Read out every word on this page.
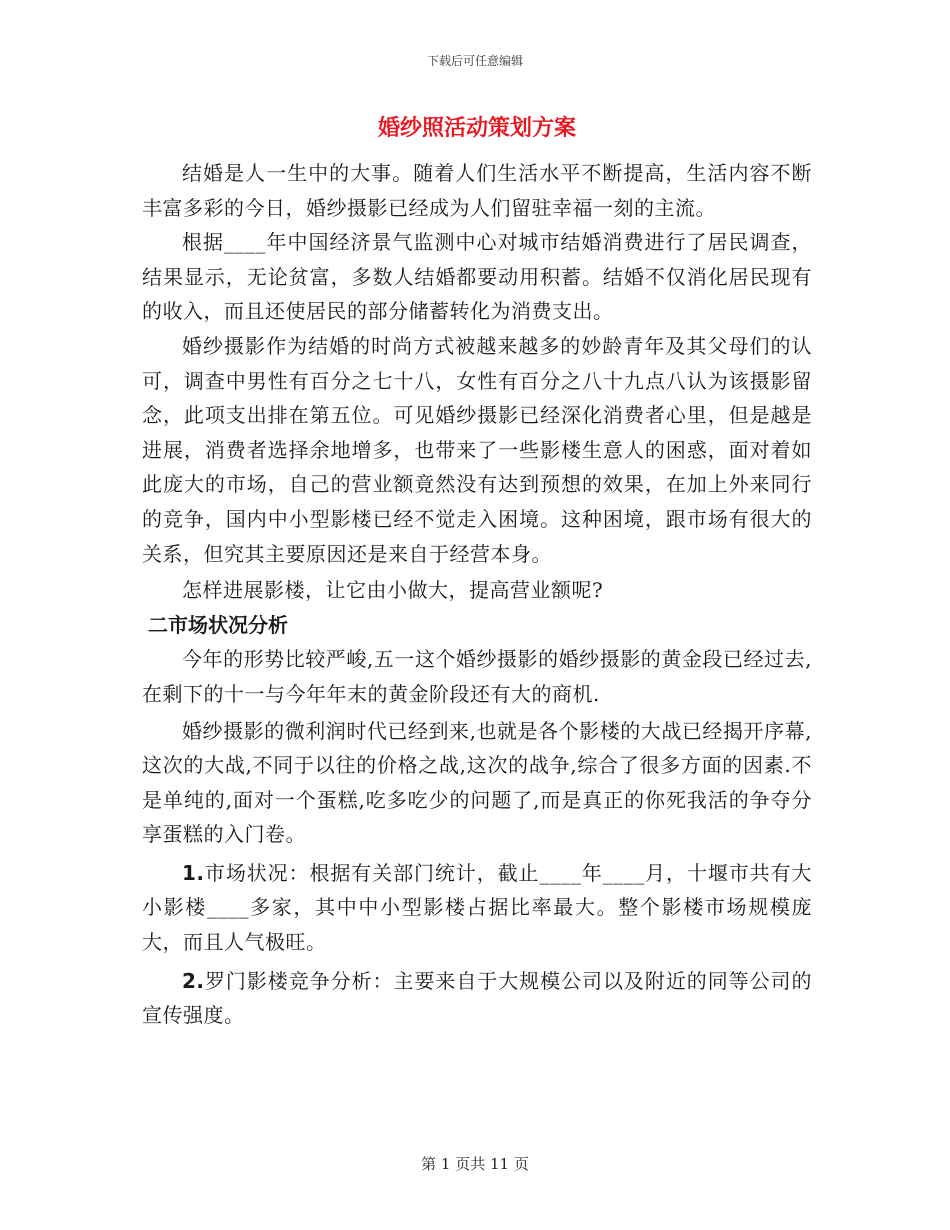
下载后可任意编辑
婚纱照活动策划方案

结婚是人一生中的大事。随着人们生活水平不断提高，生活内容不断丰富多彩的今日，婚纱摄影已经成为人们留驻幸福一刻的主流。

根据____年中国经济景气监测中心对城市结婚消费进行了居民调查，结果显示，无论贫富，多数人结婚都要动用积蓄。结婚不仅消化居民现有的收入，而且还使居民的部分储蓄转化为消费支出。

婚纱摄影作为结婚的时尚方式被越来越多的妙龄青年及其父母们的认可，调查中男性有百分之七十八，女性有百分之八十九点八认为该摄影留念，此项支出排在第五位。可见婚纱摄影已经深化消费者心里，但是越是进展，消费者选择余地增多，也带来了一些影楼生意人的困惑，面对着如此庞大的市场，自己的营业额竟然没有达到预想的效果，在加上外来同行的竞争，国内中小型影楼已经不觉走入困境。这种困境，跟市场有很大的关系，但究其主要原因还是来自于经营本身。

怎样进展影楼，让它由小做大，提高营业额呢?

二市场状况分析

今年的形势比较严峻,五一这个婚纱摄影的婚纱摄影的黄金段已经过去,在剩下的十一与今年年末的黄金阶段还有大的商机.

婚纱摄影的微利润时代已经到来,也就是各个影楼的大战已经揭开序幕,这次的大战,不同于以往的价格之战,这次的战争,综合了很多方面的因素.不是单纯的,面对一个蛋糕,吃多吃少的问题了,而是真正的你死我活的争夺分享蛋糕的入门卷。

1.市场状况：根据有关部门统计，截止____年____月，十堰市共有大小影楼____多家，其中中小型影楼占据比率最大。整个影楼市场规模庞大，而且人气极旺。

2.罗门影楼竞争分析：主要来自于大规模公司以及附近的同等公司的宣传强度。

第 1 页共 11 页
